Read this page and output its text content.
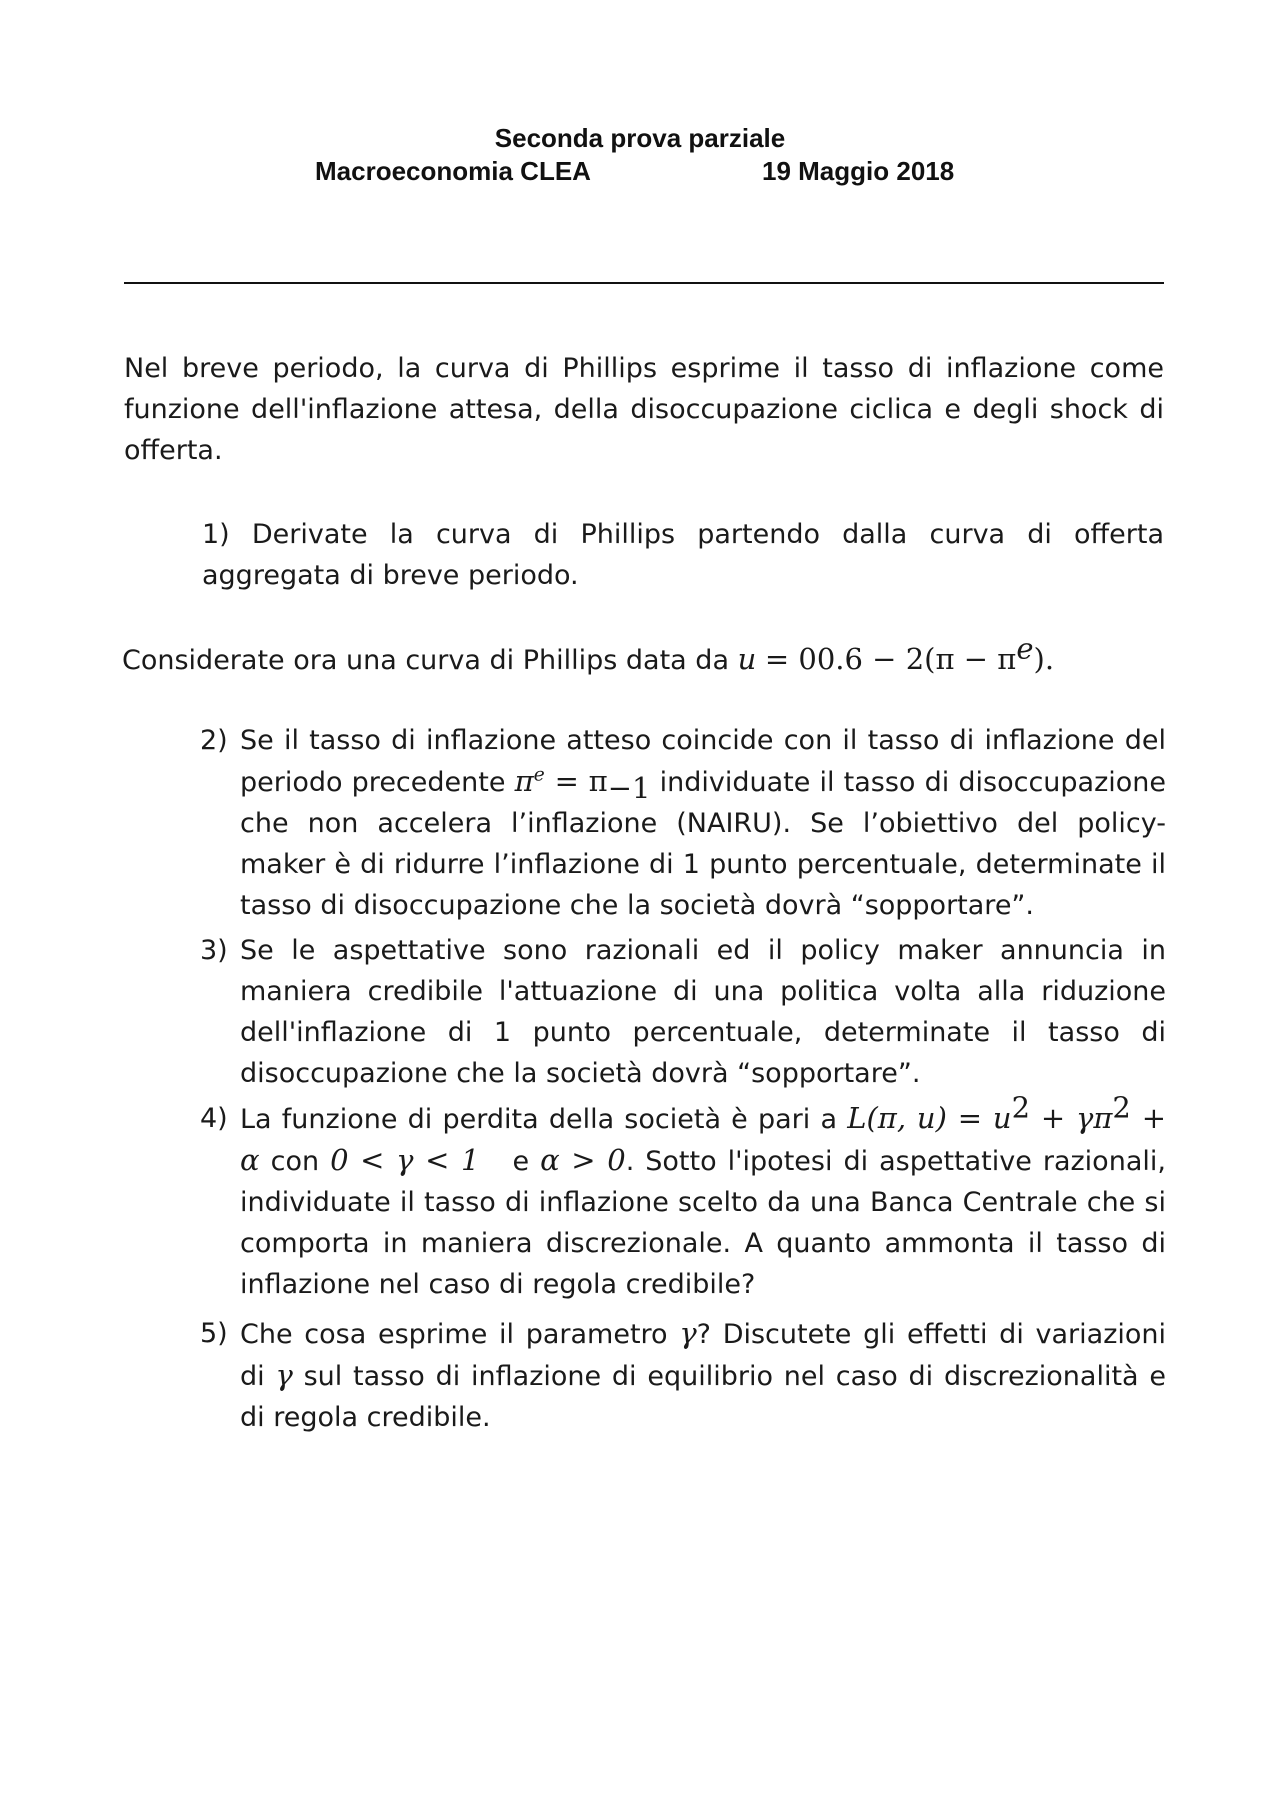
Seconda prova parziale
Macroeconomia CLEA	19 Maggio 2018
Nel breve periodo, la curva di Phillips esprime il tasso di inflazione come funzione dell'inflazione attesa, della disoccupazione ciclica e degli shock di offerta.
1) Derivate la curva di Phillips partendo dalla curva di offerta aggregata di breve periodo.
Considerate ora una curva di Phillips data da $u = 00.6 - 2(\pi - \pi^e)$.
2) Se il tasso di inflazione atteso coincide con il tasso di inflazione del periodo precedente $\pi^e = \pi_{-1}$ individuate il tasso di disoccupazione che non accelera l’inflazione (NAIRU). Se l’obiettivo del policy-maker è di ridurre l’inflazione di 1 punto percentuale, determinate il tasso di disoccupazione che la società dovrà “sopportare”.
3) Se le aspettative sono razionali ed il policy maker annuncia in maniera credibile l'attuazione di una politica volta alla riduzione dell'inflazione di 1 punto percentuale, determinate il tasso di disoccupazione che la società dovrà “sopportare”.
4) La funzione di perdita della società è pari a L(π, $u) = u^2 + \gamma\pi^2 + \alpha$ con 0 < γ < 1 e α > 0. Sotto l'ipotesi di aspettative razionali, individuate il tasso di inflazione scelto da una Banca Centrale che si comporta in maniera discrezionale. A quanto ammonta il tasso di inflazione nel caso di regola credibile?
5) Che cosa esprime il parametro γ? Discutete gli effetti di variazioni di γ sul tasso di inflazione di equilibrio nel caso di discrezionalità e di regola credibile.
